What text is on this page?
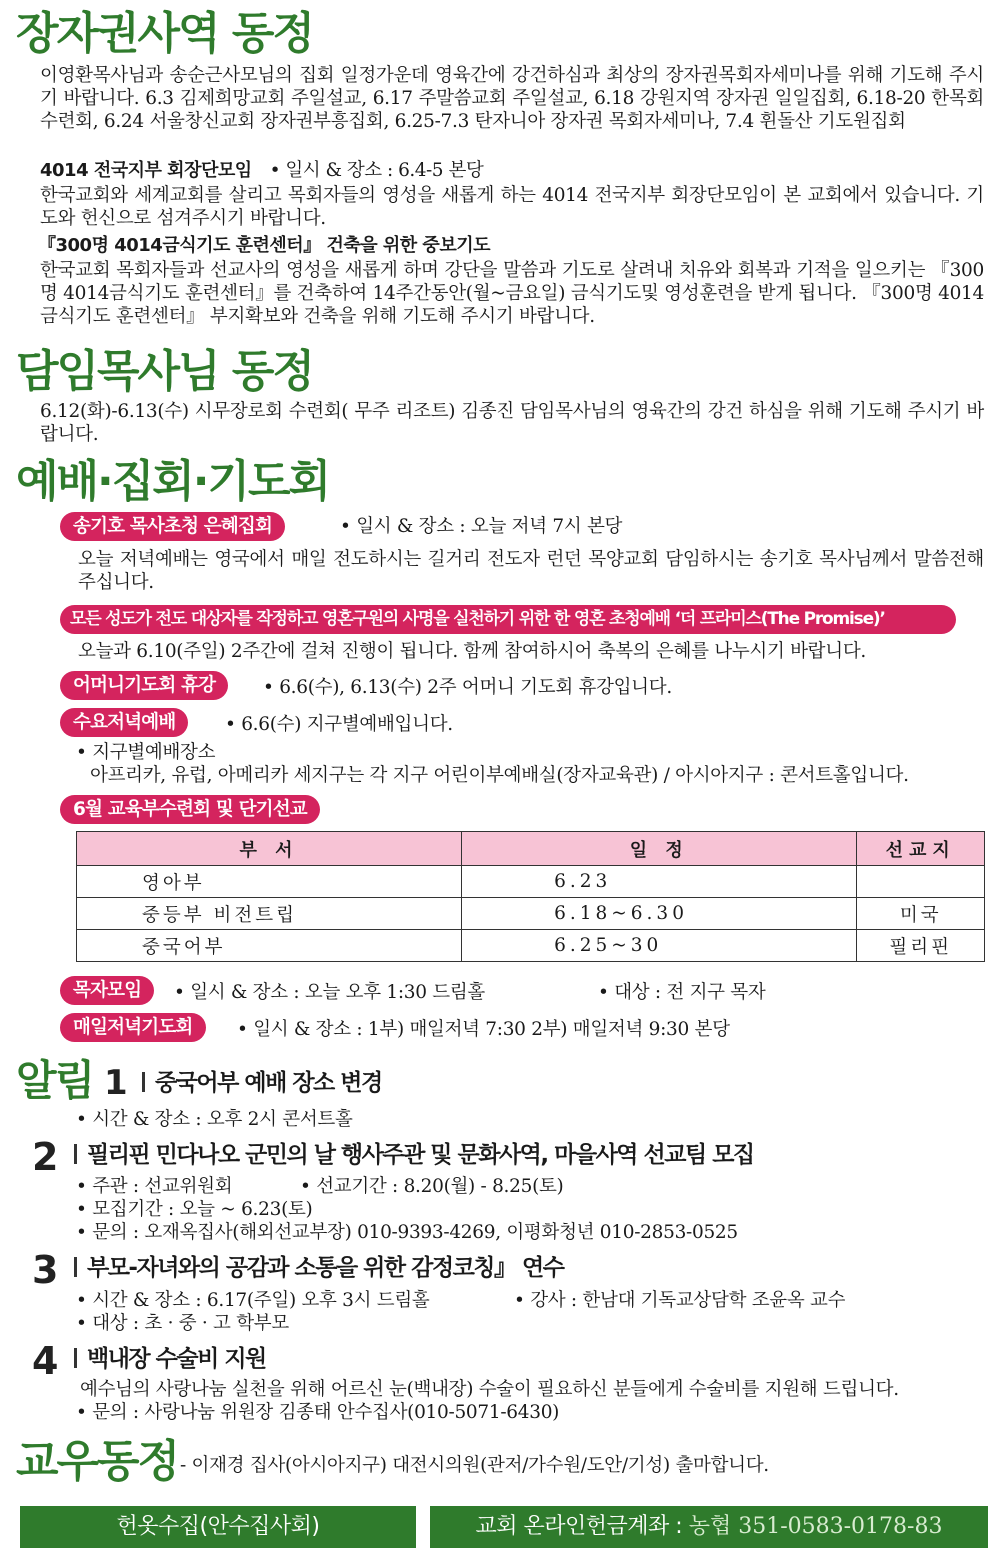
장자권사역 동정

이영환목사님과 송순근사모님의 집회 일정가운데 영육간에 강건하심과 최상의 장자권목회자세미나를 위해 기도해 주시기 바랍니다. 6.3 김제희망교회 주일설교, 6.17 주말씀교회 주일설교, 6.18 강원지역 장자권 일일집회, 6.18-20 한목회수련회, 6.24 서울창신교회 장자권부흥집회, 6.25-7.3 탄자니아 장자권 목회자세미나, 7.4 휜돌산 기도원집회

4014 전국지부 회장단모임 • 일시 & 장소 : 6.4-5 본당

한국교회와 세계교회를 살리고 목회자들의 영성을 새롭게 하는 4014 전국지부 회장단모임이 본 교회에서 있습니다. 기도와 헌신으로 섬겨주시기 바랍니다.

『300명 4014금식기도 훈련센터』 건축을 위한 중보기도

한국교회 목회자들과 선교사의 영성을 새롭게 하며 강단을 말씀과 기도로 살려내 치유와 회복과 기적을 일으키는 『300명 4014금식기도 훈련센터』를 건축하여 14주간동안(월~금요일) 금식기도및 영성훈련을 받게 됩니다. 『300명 4014 금식기도 훈련센터』 부지확보와 건축을 위해 기도해 주시기 바랍니다.

담임목사님 동정

6.12(화)-6.13(수) 시무장로회 수련회( 무주 리조트) 김종진 담임목사님의 영육간의 강건 하심을 위해 기도해 주시기 바랍니다.

예배·집회·기도회
송기호 목사초청 은혜집회	• 일시 & 장소 : 오늘 저녁 7시 본당

오늘 저녁예배는 영국에서 매일 전도하시는 길거리 전도자 런던 목양교회 담임하시는 송기호 목사님께서 말씀전해 주십니다.

모든 성도가 전도 대상자를 작정하고 영혼구원의 사명을 실천하기 위한 한 영혼 초청예배 ‘더 프라미스(The Promise)’
오늘과 6.10(주일) 2주간에 걸쳐 진행이 됩니다. 함께 참여하시어 축복의 은혜를 나누시기 바랍니다.
어머니기도회 휴강	• 6.6(수), 6.13(수) 2주 어머니 기도회 휴강입니다.
수요저녁예배	• 6.6(수) 지구별예배입니다.
• 지구별예배장소
아프리카, 유럽, 아메리카 세지구는 각 지구 어린이부예배실(장자교육관) / 아시아지구 : 콘서트홀입니다.
6월 교육부수련회 및 단기선교
부 서	일 정	선교지
영아부	6.23	
중등부 비전트립	6.18~6.30	미국
중국어부	6.25~30	필리핀
목자모임	• 일시 & 장소 : 오늘 오후 1:30 드림홀	• 대상 : 전 지구 목자
매일저녁기도회	• 일시 & 장소 : 1부) 매일저녁 7:30 2부) 매일저녁 9:30 본당
알림 1	중국어부 예배 장소 변경
• 시간 & 장소 : 오후 2시 콘서트홀
2	필리핀 민다나오 군민의 날 행사주관 및 문화사역, 마을사역 선교팀 모집
• 주관 : 선교위원회	• 선교기간 : 8.20(월) - 8.25(토)
• 모집기간 : 오늘 ~ 6.23(토)
• 문의 : 오재옥집사(해외선교부장) 010-9393-4269, 이평화청년 010-2853-0525
3	부모-자녀와의 공감과 소통을 위한 감정코칭』 연수
• 시간 & 장소 : 6.17(주일) 오후 3시 드림홀	• 강사 : 한남대 기독교상담학 조윤옥 교수
• 대상 : 초 · 중 · 고 학부모
4	백내장 수술비 지원
예수님의 사랑나눔 실천을 위해 어르신 눈(백내장) 수술이 필요하신 분들에게 수술비를 지원해 드립니다.
• 문의 : 사랑나눔 위원장 김종태 안수집사(010-5071-6430)
교우동정 - 이재경 집사(아시아지구) 대전시의원(관저/가수원/도안/기성) 출마합니다.
헌옷수집(안수집사회)	교회 온라인헌금계좌 : 농협 351-0583-0178-83
